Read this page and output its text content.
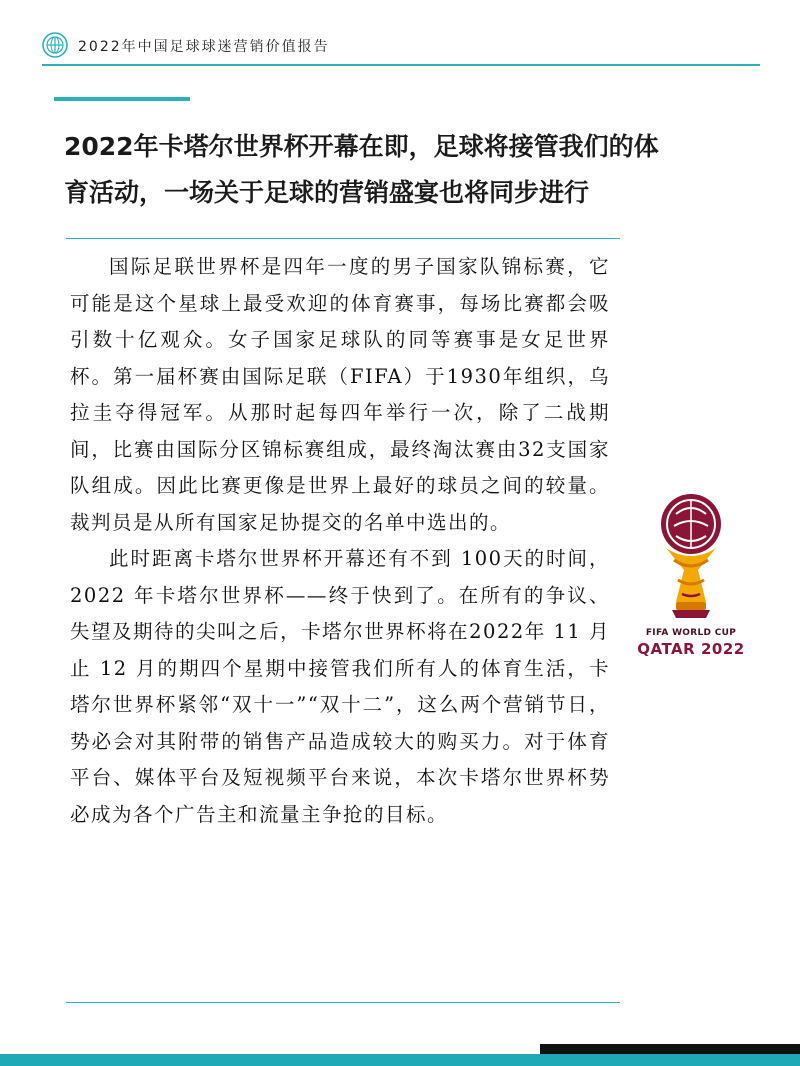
2022年中国足球球迷营销价值报告
2022年卡塔尔世界杯开幕在即，足球将接管我们的体
育活动，一场关于足球的营销盛宴也将同步进行

国际足联世界杯是四年一度的男子国家队锦标赛，它可能是这个星球上最受欢迎的体育赛事，每场比赛都会吸引数十亿观众。女子国家足球队的同等赛事是女足世界杯。第一届杯赛由国际足联（FIFA）于1930年组织，乌拉圭夺得冠军。从那时起每四年举行一次，除了二战期间，比赛由国际分区锦标赛组成，最终淘汰赛由32支国家队组成。因此比赛更像是世界上最好的球员之间的较量。裁判员是从所有国家足协提交的名单中选出的。

此时距离卡塔尔世界杯开幕还有不到 100天的时间，2022 年卡塔尔世界杯——终于快到了。在所有的争议、失望及期待的尖叫之后，卡塔尔世界杯将在2022年 11 月止 12 月的期四个星期中接管我们所有人的体育生活，卡塔尔世界杯紧邻“双十一”“双十二”，这么两个营销节日，势必会对其附带的销售产品造成较大的购买力。对于体育平台、媒体平台及短视频平台来说，本次卡塔尔世界杯势必成为各个广告主和流量主争抢的目标。

FIFA WORLD CUP
QATAR 2022
